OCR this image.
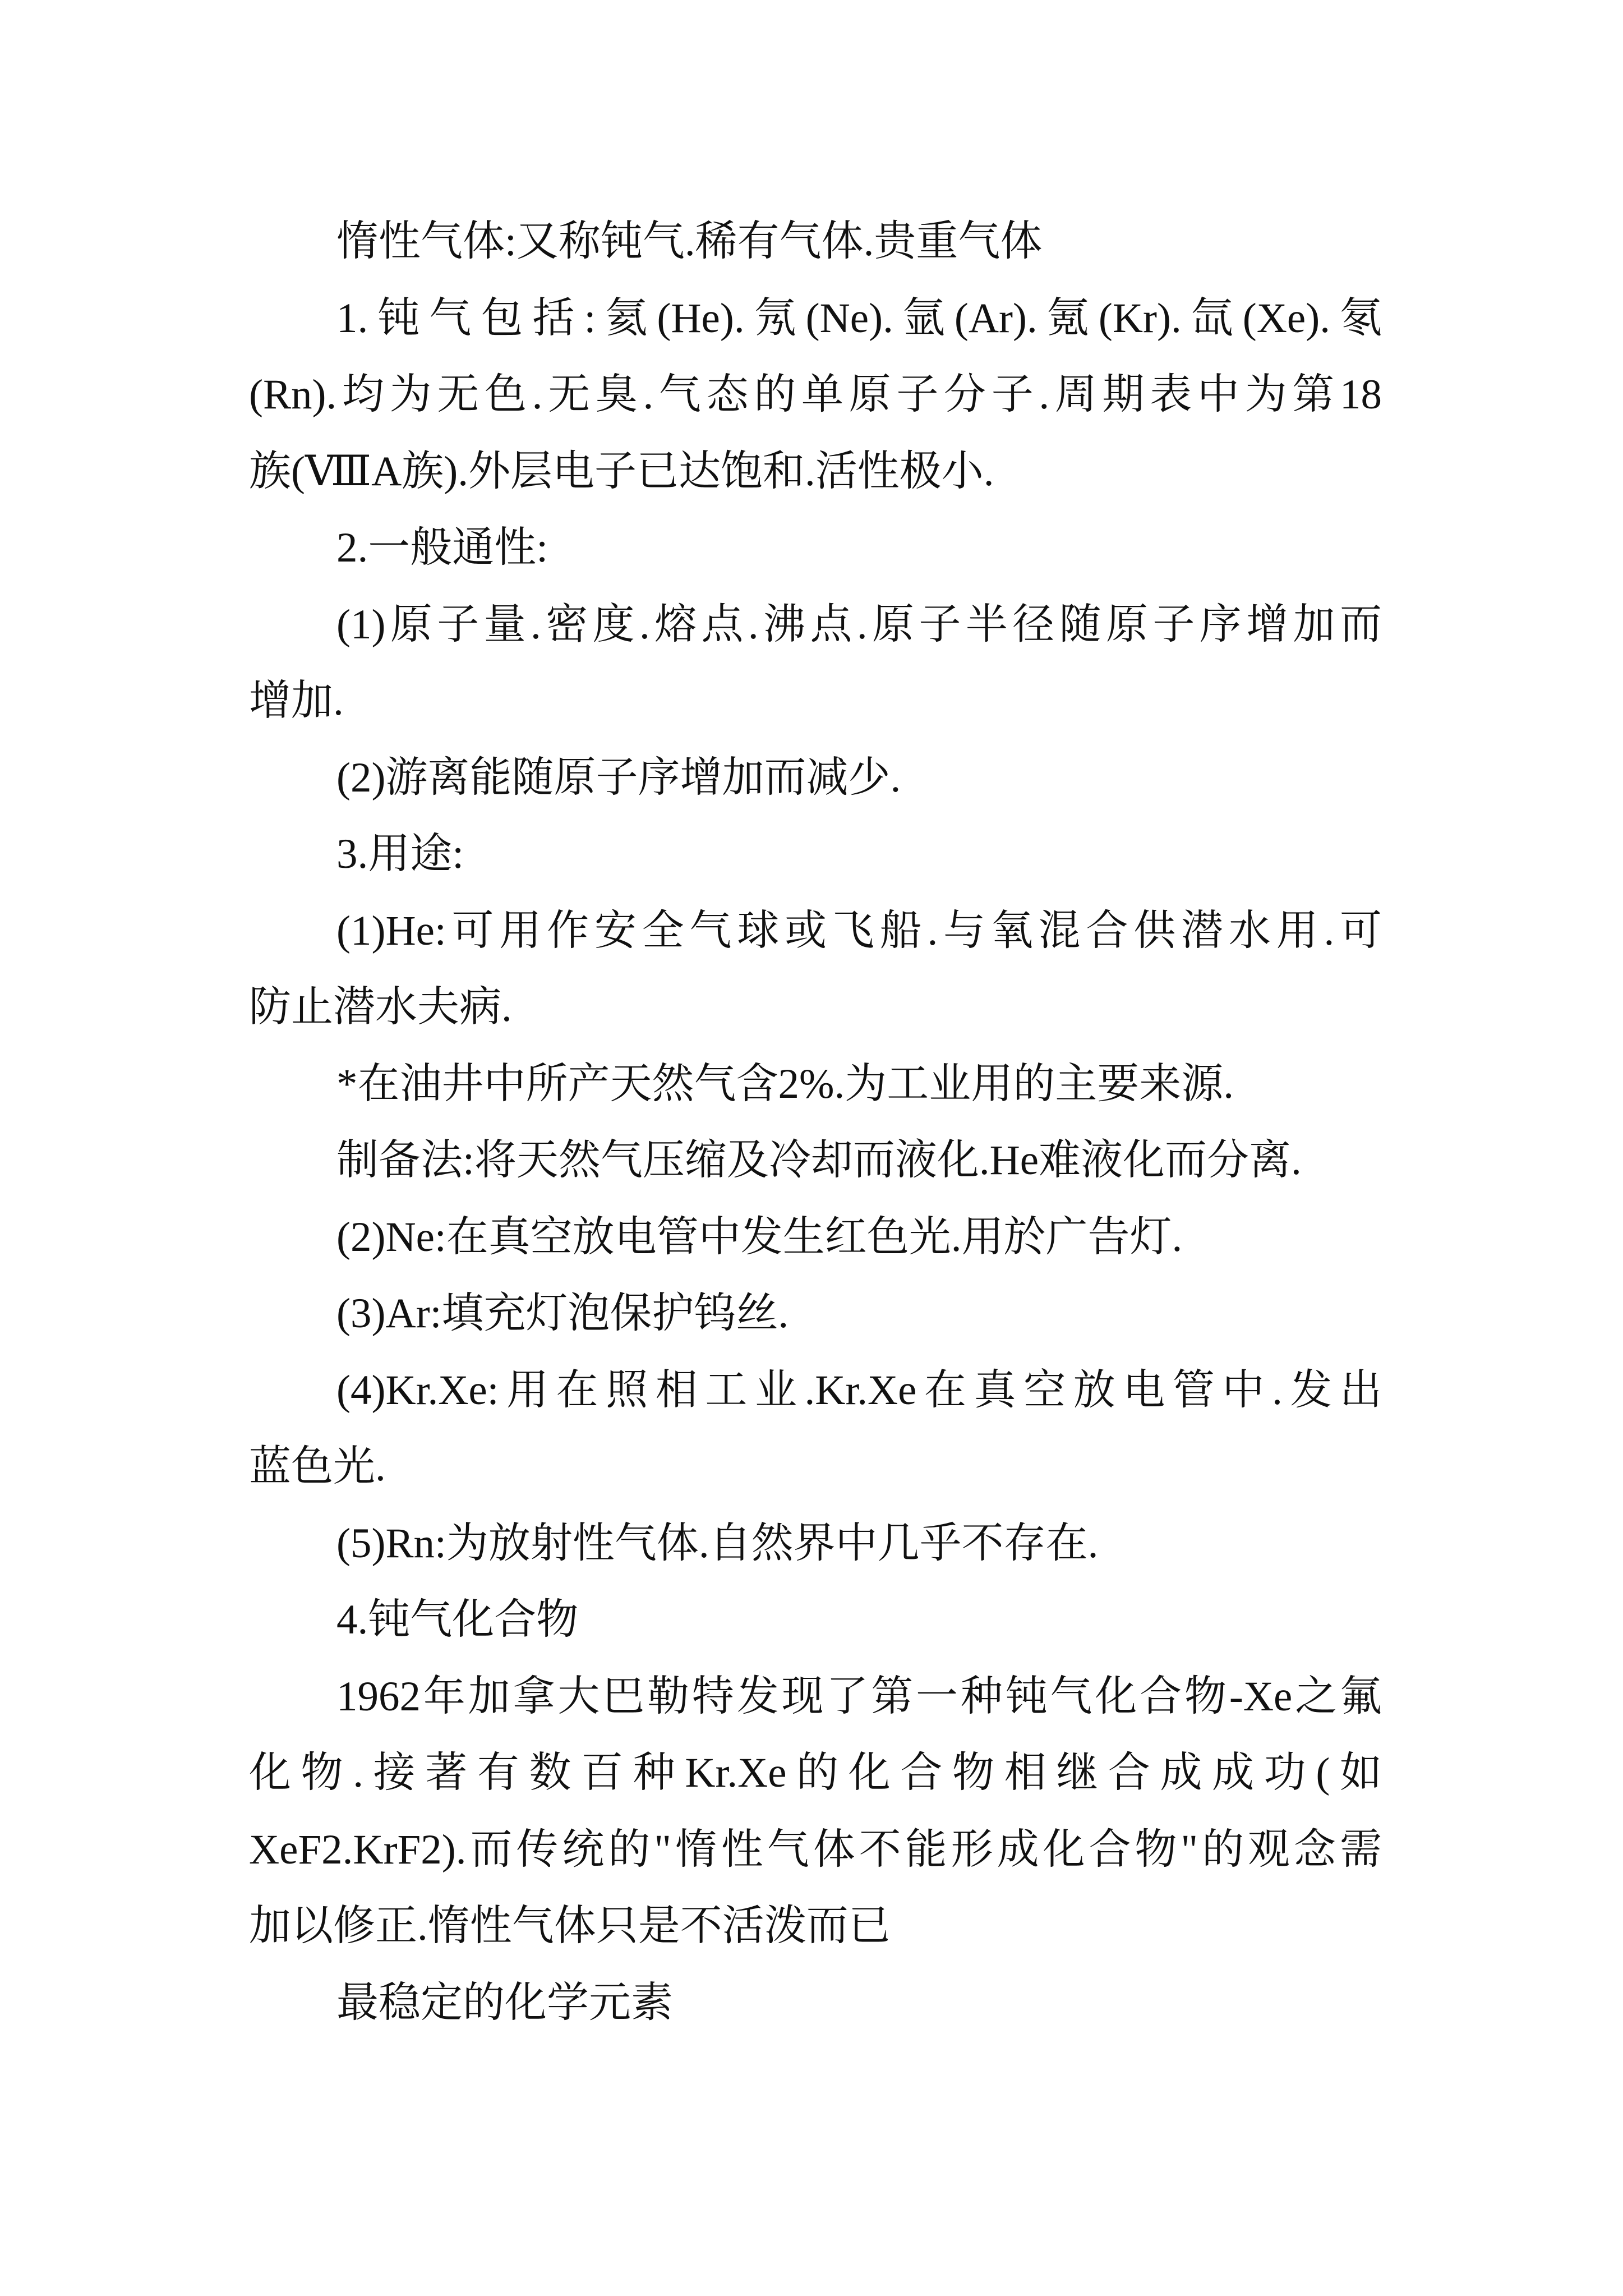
惰性气体:又称钝气.稀有气体.贵重气体
1.钝气包括:氦(He).氖(Ne).氩(Ar).氪(Kr).氙(Xe).氡
(Rn).均为无色.无臭.气态的单原子分子.周期表中为第18
族(ⅧA族).外层电子已达饱和.活性极小.
2.一般通性:
(1)原子量.密度.熔点.沸点.原子半径随原子序增加而
增加.
(2)游离能随原子序增加而减少.
3.用途:
(1)He:可用作安全气球或飞船.与氧混合供潜水用.可
防止潜水夫病.
*在油井中所产天然气含2%.为工业用的主要来源.
制备法:将天然气压缩及冷却而液化.He难液化而分离.
(2)Ne:在真空放电管中发生红色光.用於广告灯.
(3)Ar:填充灯泡保护钨丝.
(4)Kr.Xe:用在照相工业.Kr.Xe在真空放电管中.发出
蓝色光.
(5)Rn:为放射性气体.自然界中几乎不存在.
4.钝气化合物
1962年加拿大巴勒特发现了第一种钝气化合物-Xe之氟
化物.接著有数百种Kr.Xe的化合物相继合成成功(如
XeF2.KrF2).而传统的"惰性气体不能形成化合物"的观念需
加以修正.惰性气体只是不活泼而已
最稳定的化学元素
